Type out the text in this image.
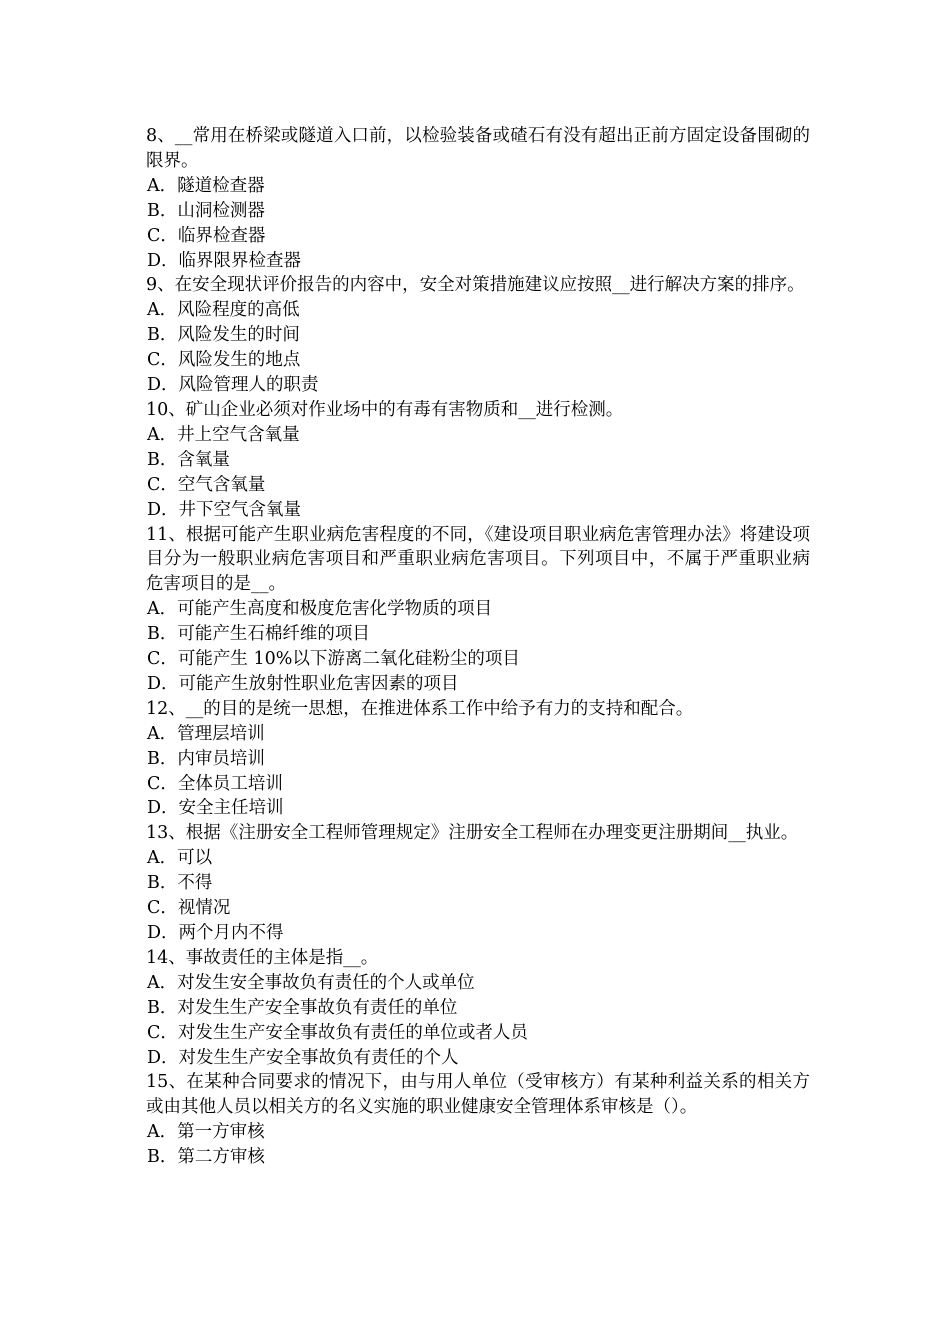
8、__常用在桥梁或隧道入口前，以检验装备或碴石有没有超出正前方固定设备围砌的限界。
A．隧道检查器
B．山洞检测器
C．临界检查器
D．临界限界检查器
9、在安全现状评价报告的内容中，安全对策措施建议应按照__进行解决方案的排序。
A．风险程度的高低
B．风险发生的时间
C．风险发生的地点
D．风险管理人的职责
10、矿山企业必须对作业场中的有毒有害物质和__进行检测。
A．井上空气含氧量
B．含氧量
C．空气含氧量
D．井下空气含氧量
11、根据可能产生职业病危害程度的不同，《建设项目职业病危害管理办法》将建设项目分为一般职业病危害项目和严重职业病危害项目。下列项目中，不属于严重职业病危害项目的是__。
A．可能产生高度和极度危害化学物质的项目
B．可能产生石棉纤维的项目
C．可能产生 10%以下游离二氧化硅粉尘的项目
D．可能产生放射性职业危害因素的项目
12、__的目的是统一思想，在推进体系工作中给予有力的支持和配合。
A．管理层培训
B．内审员培训
C．全体员工培训
D．安全主任培训
13、根据《注册安全工程师管理规定》注册安全工程师在办理变更注册期间__执业。
A．可以
B．不得
C．视情况
D．两个月内不得
14、事故责任的主体是指__。
A．对发生安全事故负有责任的个人或单位
B．对发生生产安全事故负有责任的单位
C．对发生生产安全事故负有责任的单位或者人员
D．对发生生产安全事故负有责任的个人
15、在某种合同要求的情况下，由与用人单位（受审核方）有某种利益关系的相关方或由其他人员以相关方的名义实施的职业健康安全管理体系审核是（）。
A．第一方审核
B．第二方审核
